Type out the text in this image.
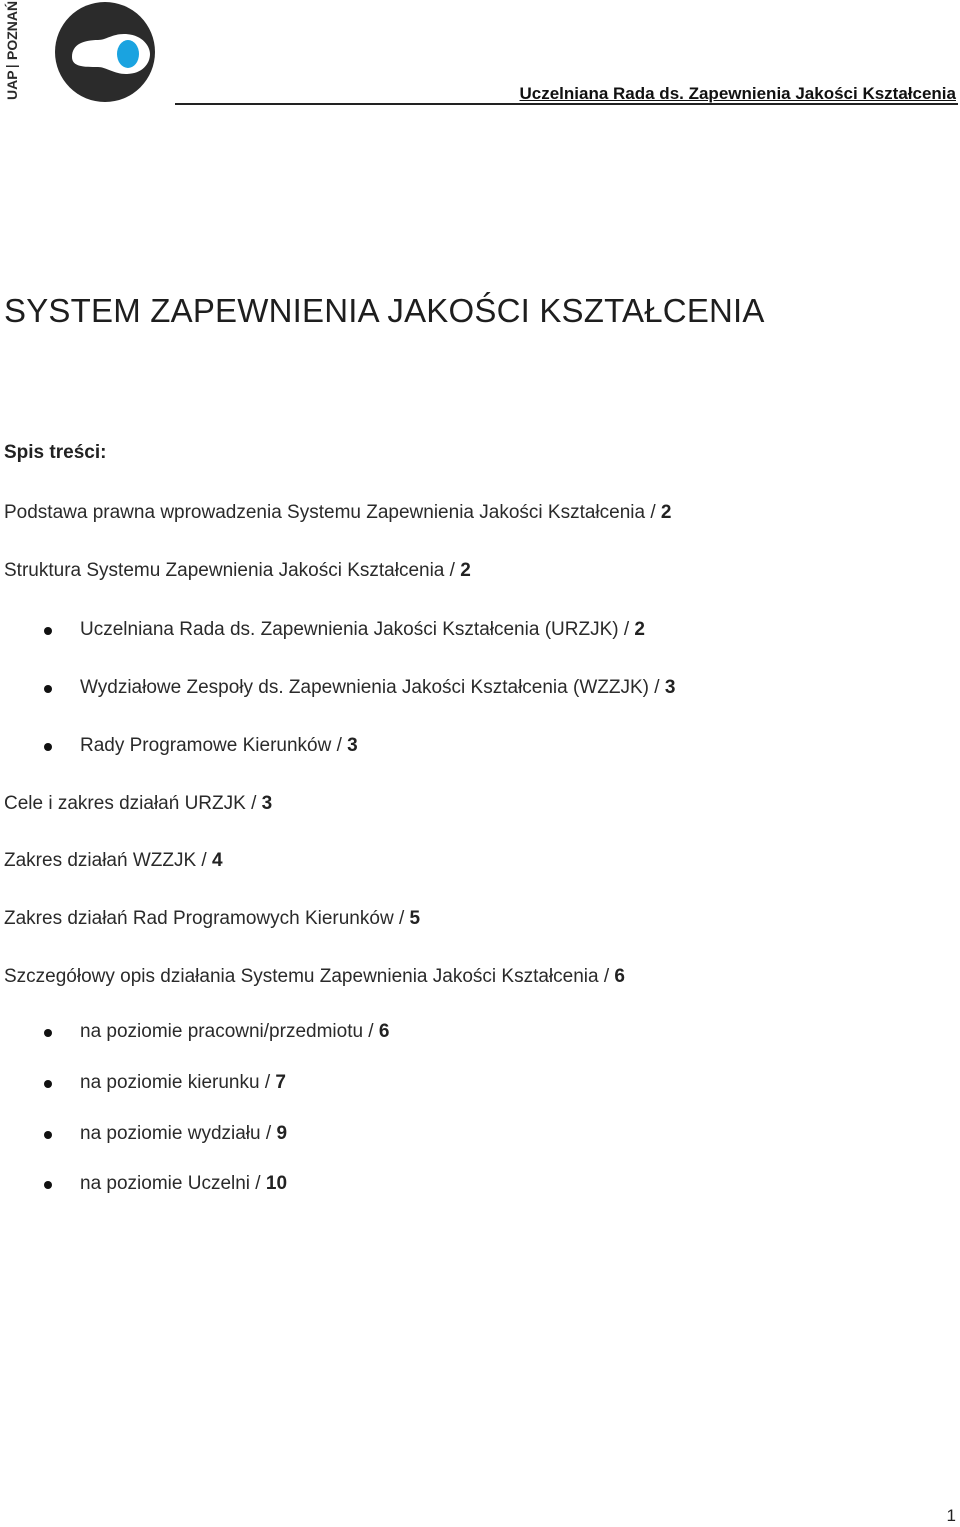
UAP
POZNAŃ
Uczelniana Rada ds. Zapewnienia Jakości Kształcenia
SYSTEM ZAPEWNIENIA JAKOŚCI KSZTAŁCENIA
Spis treści:
Podstawa prawna wprowadzenia Systemu Zapewnienia Jakości Kształcenia / 2
Struktura Systemu Zapewnienia Jakości Kształcenia / 2
Uczelniana Rada ds. Zapewnienia Jakości Kształcenia (URZJK) / 2
Wydziałowe Zespoły ds. Zapewnienia Jakości Kształcenia (WZZJK) / 3
Rady Programowe Kierunków / 3
Cele i zakres działań URZJK / 3
Zakres działań WZZJK / 4
Zakres działań Rad Programowych Kierunków / 5
Szczegółowy opis działania Systemu Zapewnienia Jakości Kształcenia / 6
na poziomie pracowni/przedmiotu / 6
na poziomie kierunku / 7
na poziomie wydziału / 9
na poziomie Uczelni / 10
1
